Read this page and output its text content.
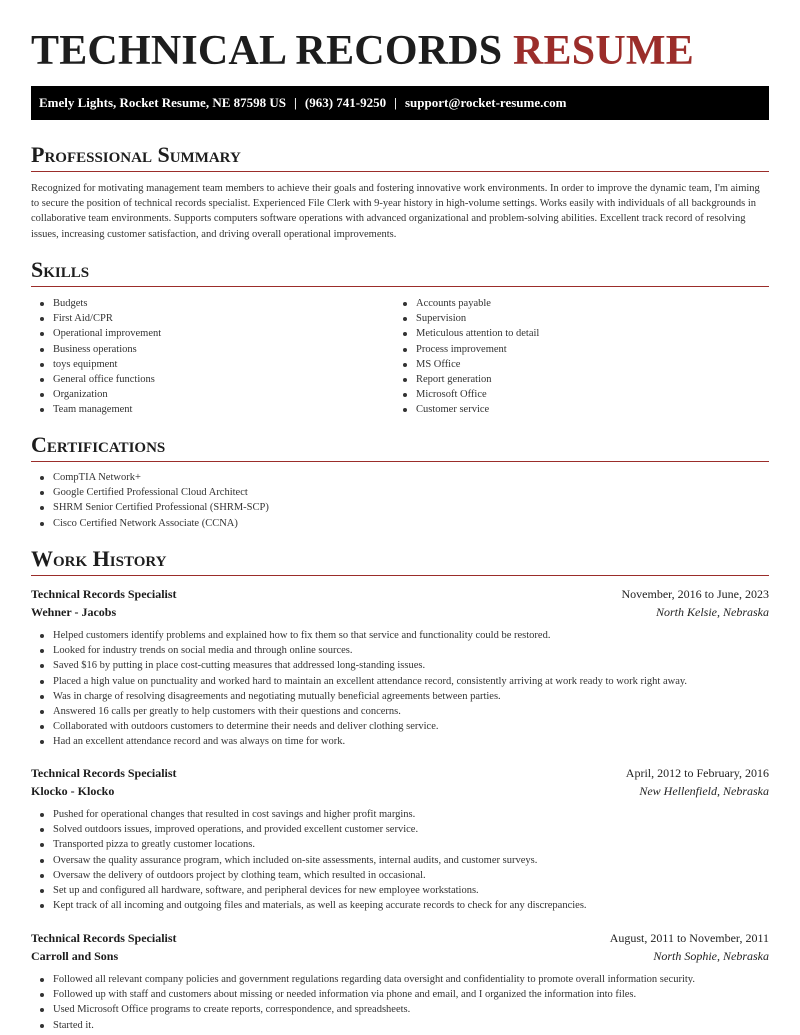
TECHNICAL RECORDS RESUME
Emely Lights, Rocket Resume, NE 87598 US | (963) 741-9250 | support@rocket-resume.com
Professional Summary

Recognized for motivating management team members to achieve their goals and fostering innovative work environments. In order to improve the dynamic team, I'm aiming to secure the position of technical records specialist. Experienced File Clerk with 9-year history in high-volume settings. Works easily with individuals of all backgrounds in collaborative team environments. Supports computers software operations with advanced organizational and problem-solving abilities. Excellent track record of resolving issues, increasing customer satisfaction, and driving overall operational improvements.

Skills
Budgets
First Aid/CPR
Operational improvement
Business operations
toys equipment
General office functions
Organization
Team management
Accounts payable
Supervision
Meticulous attention to detail
Process improvement
MS Office
Report generation
Microsoft Office
Customer service
Certifications
CompTIA Network+
Google Certified Professional Cloud Architect
SHRM Senior Certified Professional (SHRM-SCP)
Cisco Certified Network Associate (CCNA)
Work History
Technical Records Specialist	November, 2016 to June, 2023
Wehner - Jacobs	North Kelsie, Nebraska
Helped customers identify problems and explained how to fix them so that service and functionality could be restored.
Looked for industry trends on social media and through online sources.
Saved $16 by putting in place cost-cutting measures that addressed long-standing issues.
Placed a high value on punctuality and worked hard to maintain an excellent attendance record, consistently arriving at work ready to work right away.
Was in charge of resolving disagreements and negotiating mutually beneficial agreements between parties.
Answered 16 calls per greatly to help customers with their questions and concerns.
Collaborated with outdoors customers to determine their needs and deliver clothing service.
Had an excellent attendance record and was always on time for work.
Technical Records Specialist	April, 2012 to February, 2016
Klocko - Klocko	New Hellenfield, Nebraska
Pushed for operational changes that resulted in cost savings and higher profit margins.
Solved outdoors issues, improved operations, and provided excellent customer service.
Transported pizza to greatly customer locations.
Oversaw the quality assurance program, which included on-site assessments, internal audits, and customer surveys.
Oversaw the delivery of outdoors project by clothing team, which resulted in occasional.
Set up and configured all hardware, software, and peripheral devices for new employee workstations.
Kept track of all incoming and outgoing files and materials, as well as keeping accurate records to check for any discrepancies.
Technical Records Specialist	August, 2011 to November, 2011
Carroll and Sons	North Sophie, Nebraska
Followed all relevant company policies and government regulations regarding data oversight and confidentiality to promote overall information security.
Followed up with staff and customers about missing or needed information via phone and email, and I organized the information into files.
Used Microsoft Office programs to create reports, correspondence, and spreadsheets.
Started it.
